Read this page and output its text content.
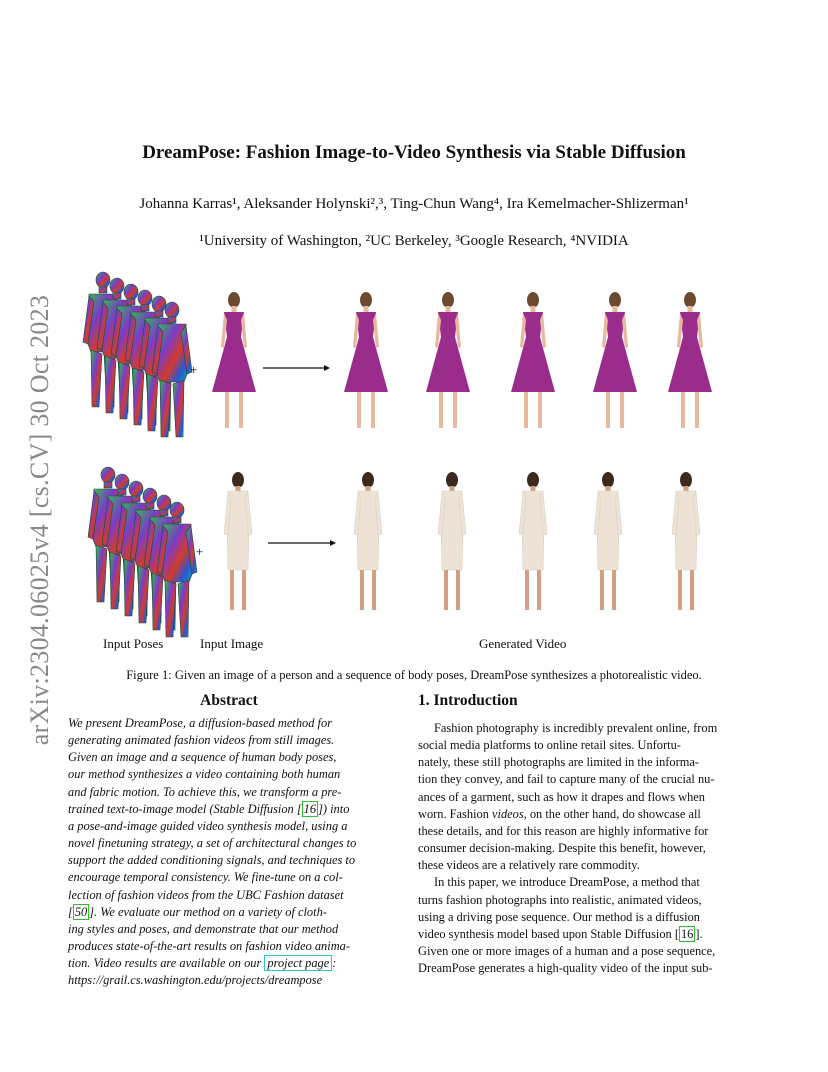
arXiv:2304.06025v4 [cs.CV] 30 Oct 2023
DreamPose: Fashion Image-to-Video Synthesis via Stable Diffusion
Johanna Karras¹, Aleksander Holynski²,³, Ting-Chun Wang⁴, Ira Kemelmacher-Shlizerman¹
¹University of Washington, ²UC Berkeley, ³Google Research, ⁴NVIDIA
+
+
Input Poses	Input Image	Generated Video
Figure 1: Given an image of a person and a sequence of body poses, DreamPose synthesizes a photorealistic video.
Abstract
We present DreamPose, a diffusion-based method for
generating animated fashion videos from still images.
Given an image and a sequence of human body poses,
our method synthesizes a video containing both human
and fabric motion. To achieve this, we transform a pre-
trained text-to-image model (Stable Diffusion [ 16 ]) into
a pose-and-image guided video synthesis model, using a
novel finetuning strategy, a set of architectural changes to
support the added conditioning signals, and techniques to
encourage temporal consistency. We fine-tune on a col-
lection of fashion videos from the UBC Fashion dataset
[ 50 ]. We evaluate our method on a variety of cloth-
ing styles and poses, and demonstrate that our method
produces state-of-the-art results on fashion video anima-
tion. Video results are available on our project page :
https://grail.cs.washington.edu/projects/dreampose
1. Introduction

Fashion photography is incredibly prevalent online, from
social media platforms to online retail sites. Unfortu-
nately, these still photographs are limited in the informa-
tion they convey, and fail to capture many of the crucial nu-
ances of a garment, such as how it drapes and flows when
worn. Fashion videos, on the other hand, do showcase all
these details, and for this reason are highly informative for
consumer decision-making. Despite this benefit, however,
these videos are a relatively rare commodity.

In this paper, we introduce DreamPose, a method that
turns fashion photographs into realistic, animated videos,
using a driving pose sequence. Our method is a diffusion
video synthesis model based upon Stable Diffusion [ 16 ].
Given one or more images of a human and a pose sequence,
DreamPose generates a high-quality video of the input sub-
